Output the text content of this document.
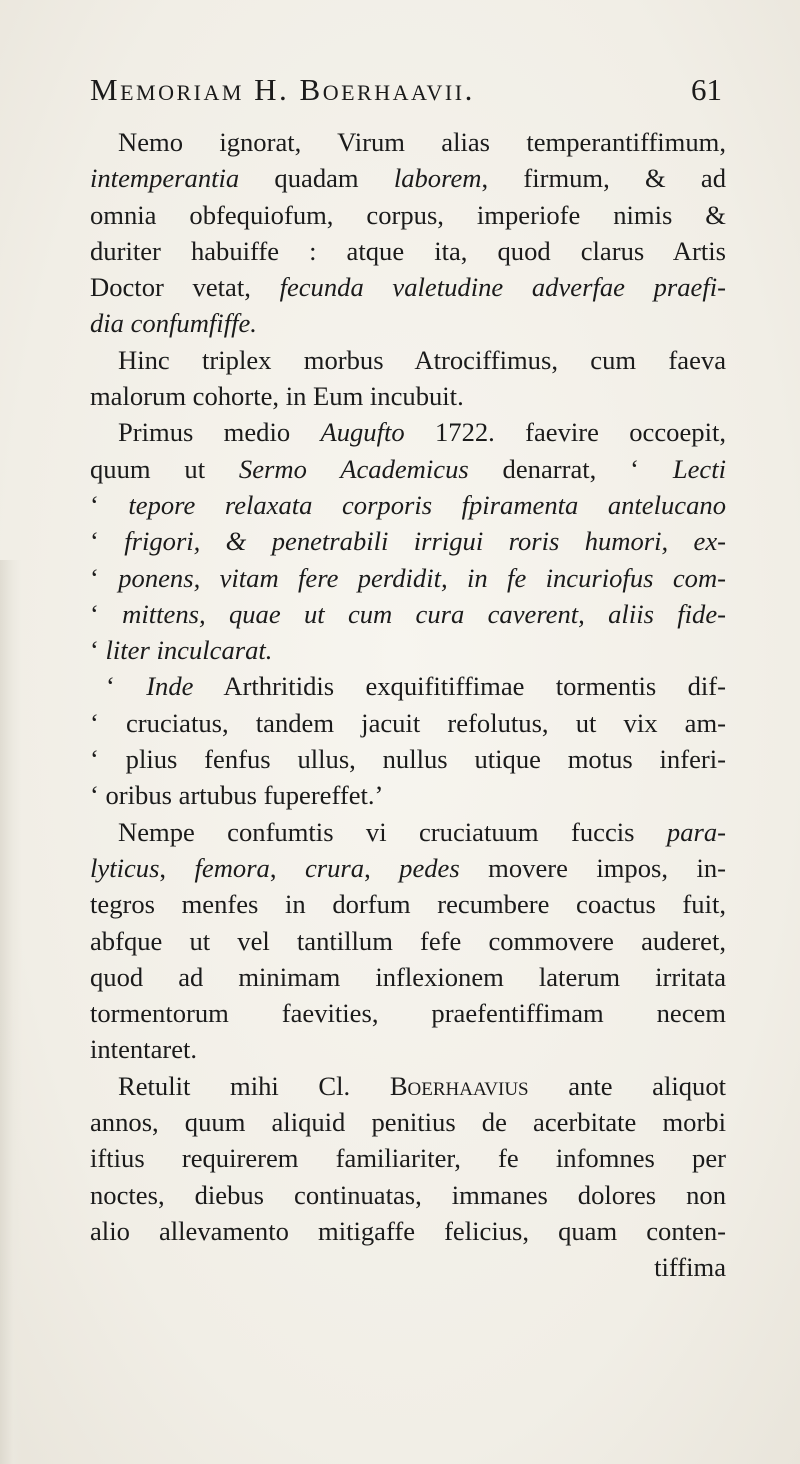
Memoriam H. Boerhaavii.	61
Nemo ignorat, Virum alias temperantiffimum,
intemperantia quadam laborem, firmum, & ad
omnia obfequiofum, corpus, imperiofe nimis &
duriter habuiffe : atque ita, quod clarus Artis
Doctor vetat, fecunda valetudine adverfae praefi-
dia confumfiffe.
Hinc triplex morbus Atrociffimus, cum faeva
malorum cohorte, in Eum incubuit.
Primus medio Augufto 1722. faevire occoepit,
quum ut Sermo Academicus denarrat, ‘ Lecti
‘ tepore relaxata corporis fpiramenta antelucano
‘ frigori, & penetrabili irrigui roris humori, ex-
‘ ponens, vitam fere perdidit, in fe incuriofus com-
‘ mittens, quae ut cum cura caverent, aliis fide-
‘ liter inculcarat.
‘ Inde Arthritidis exquifitiffimae tormentis dif-
‘ cruciatus, tandem jacuit refolutus, ut vix am-
‘ plius fenfus ullus, nullus utique motus inferi-
‘ oribus artubus fupereffet.’
Nempe confumtis vi cruciatuum fuccis para-
lyticus, femora, crura, pedes movere impos, in-
tegros menfes in dorfum recumbere coactus fuit,
abfque ut vel tantillum fefe commovere auderet,
quod ad minimam inflexionem laterum irritata
tormentorum faevities, praefentiffimam necem
intentaret.
Retulit mihi Cl. Boerhaavius ante aliquot
annos, quum aliquid penitius de acerbitate morbi
iftius requirerem familiariter, fe infomnes per
noctes, diebus continuatas, immanes dolores non
alio allevamento mitigaffe felicius, quam conten-
tiffima
